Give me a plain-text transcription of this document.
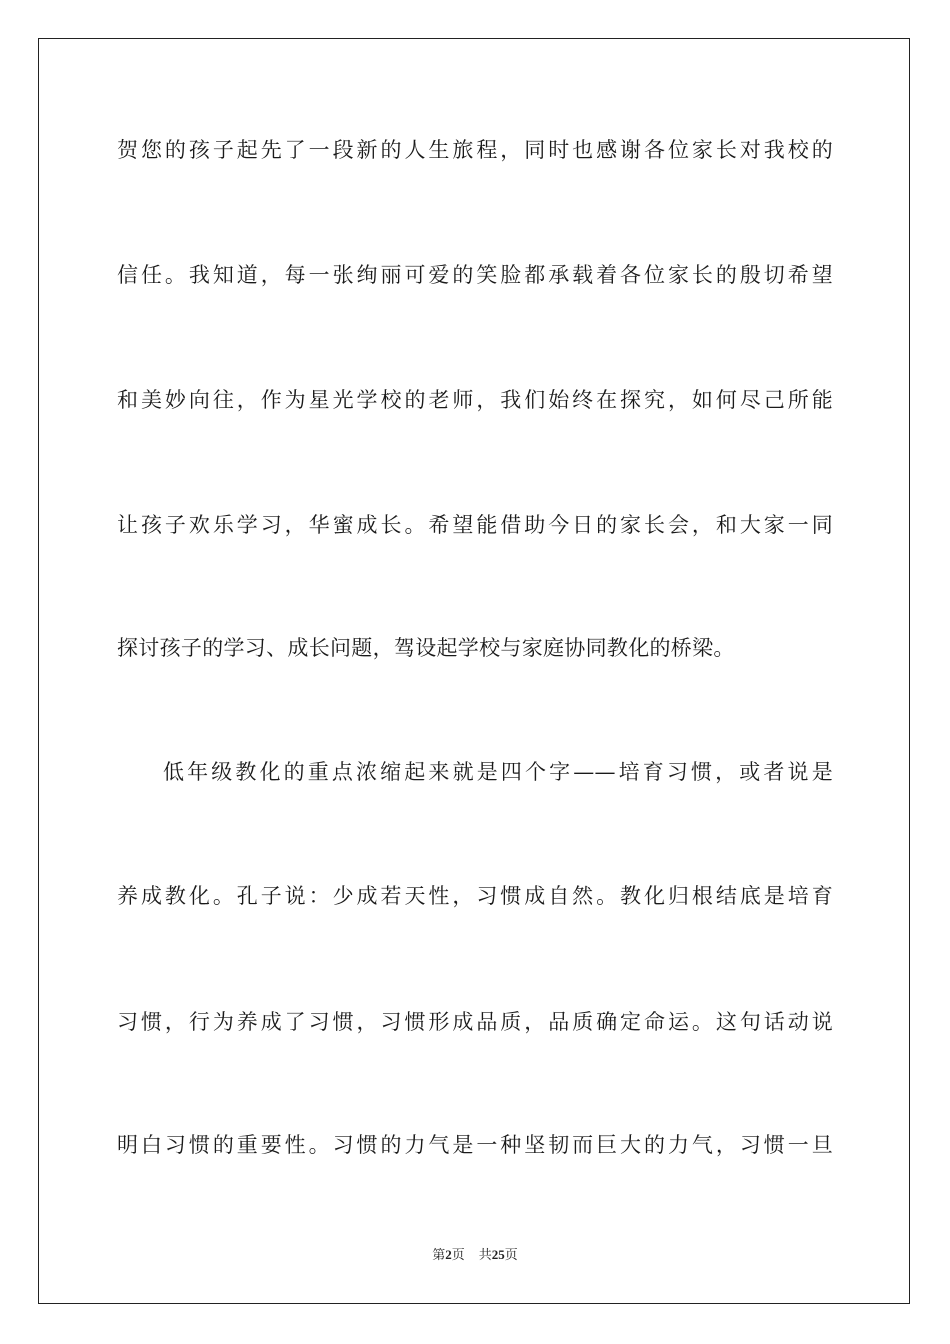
贺您的孩子起先了一段新的人生旅程，同时也感谢各位家长对我校的
信任。我知道，每一张绚丽可爱的笑脸都承载着各位家长的殷切希望
和美妙向往，作为星光学校的老师，我们始终在探究，如何尽己所能
让孩子欢乐学习，华蜜成长。希望能借助今日的家长会，和大家一同
探讨孩子的学习、成长问题，驾设起学校与家庭协同教化的桥梁。
低年级教化的重点浓缩起来就是四个字——培育习惯，或者说是
养成教化。孔子说：少成若天性，习惯成自然。教化归根结底是培育
习惯，行为养成了习惯，习惯形成品质，品质确定命运。这句话动说
明白习惯的重要性。习惯的力气是一种坚韧而巨大的力气，习惯一旦
第2页 共25页
